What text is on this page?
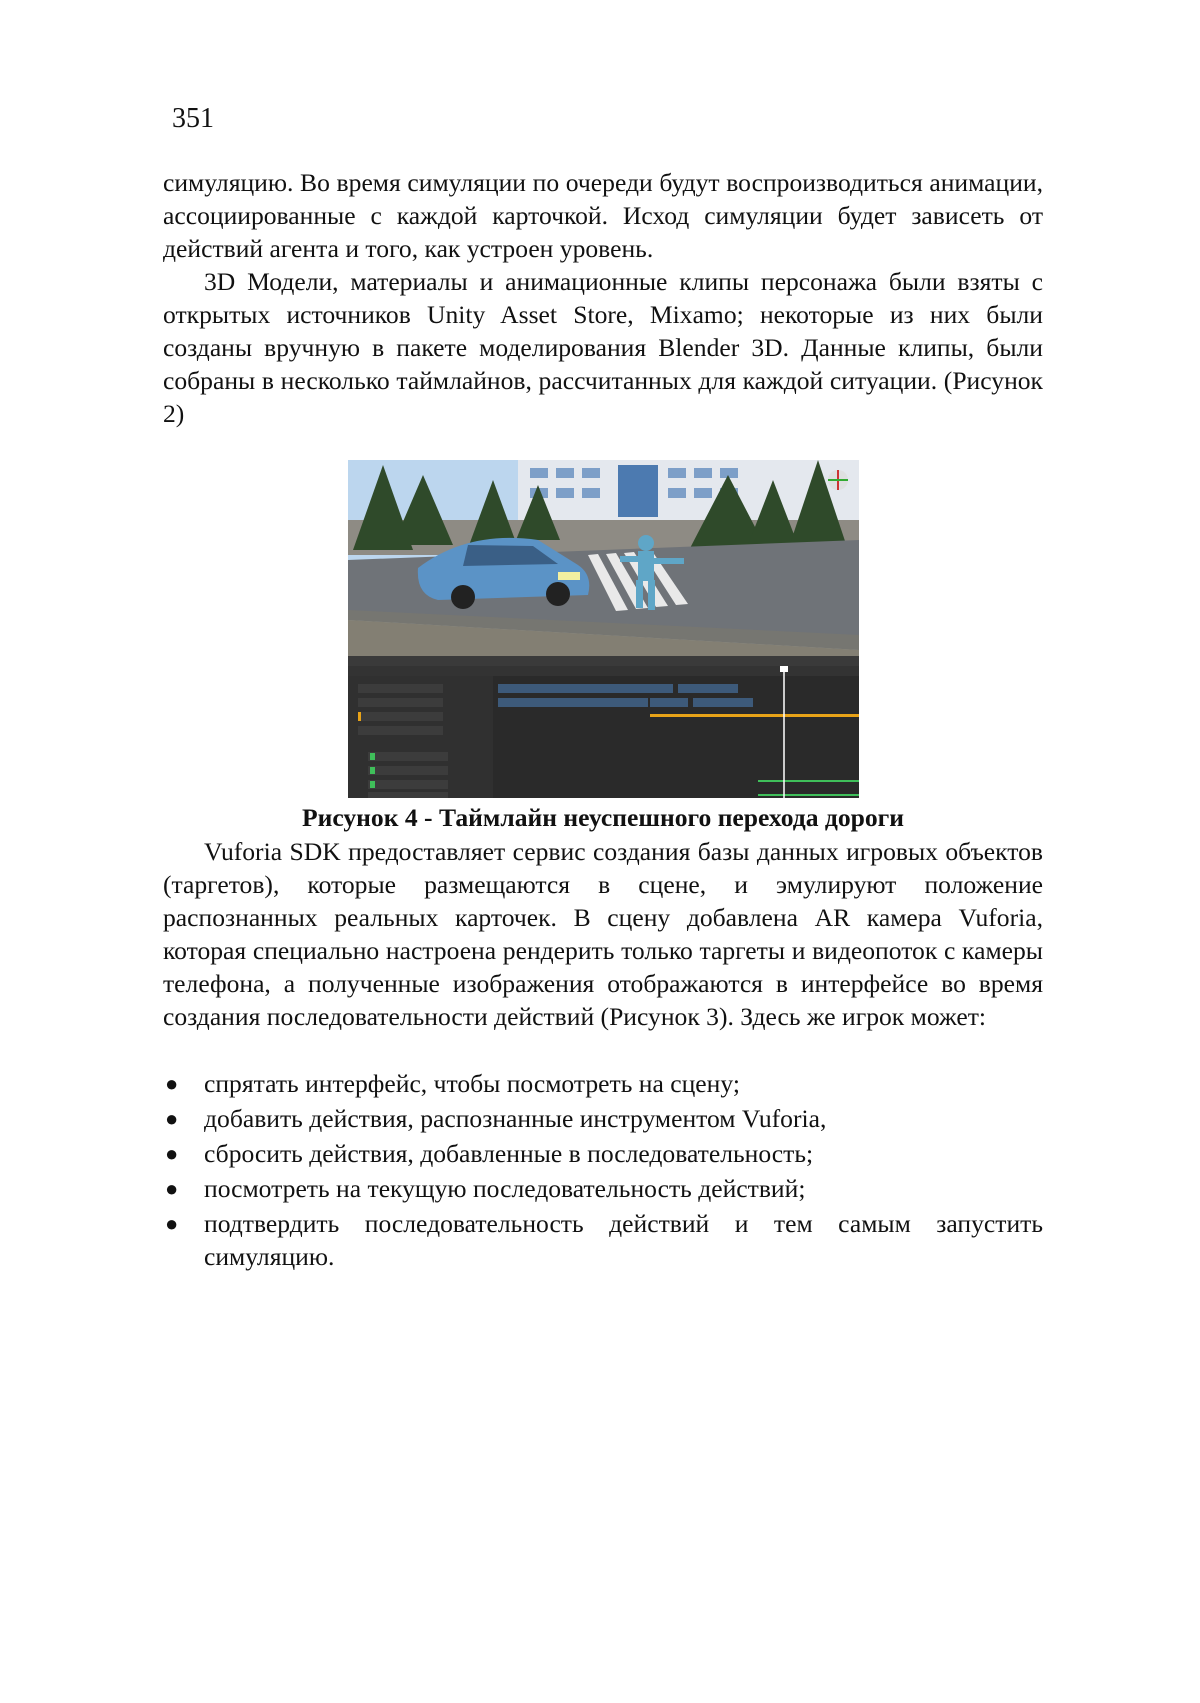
351

симуляцию. Во время симуляции по очереди будут воспроизводиться анимации, ассоциированные с каждой карточкой. Исход симуляции будет зависеть от действий агента и того, как устроен уровень.

3D Модели, материалы и анимационные клипы персонажа были взяты с открытых источников Unity Asset Store, Mixamo; некоторые из них были созданы вручную в пакете моделирования Blender 3D. Данные клипы, были собраны в несколько таймлайнов, рассчитанных для каждой ситуации. (Рисунок 2)

Рисунок 4 - Таймлайн неуспешного перехода дороги

Vuforia SDK предоставляет сервис создания базы данных игровых объектов (таргетов), которые размещаются в сцене, и эмулируют положение распознанных реальных карточек. В сцену добавлена AR камера Vuforia, которая специально настроена рендерить только таргеты и видеопоток с камеры телефона, а полученные изображения отображаются в интерфейсе во время создания последовательности действий (Рисунок 3). Здесь же игрок может:

● спрятать интерфейс, чтобы посмотреть на сцену;
● добавить действия, распознанные инструментом Vuforia,
● сбросить действия, добавленные в последовательность;
● посмотреть на текущую последовательность действий;
● подтвердить последовательность действий и тем самым запустить симуляцию.
